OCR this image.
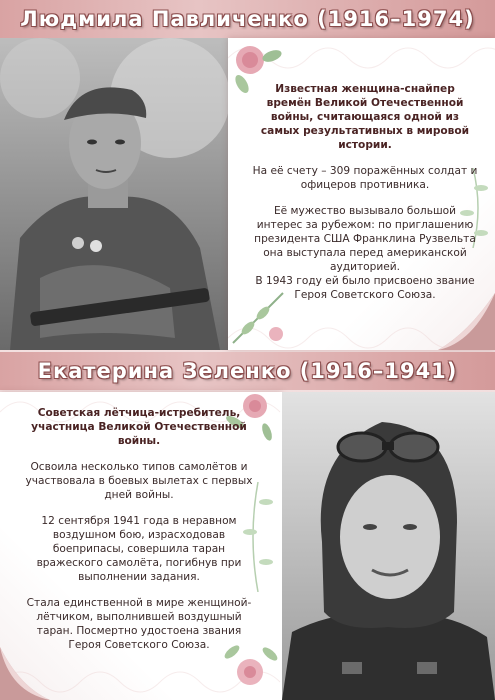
Людмила Павличенко (1916–1974)

Известная женщина-снайпер времён Великой Отечественной войны, считающаяся одной из самых результативных в мировой истории.

На её счету – 309 поражённых солдат и офицеров противника.

Её мужество вызывало большой интерес за рубежом: по приглашению президента США Франклина Рузвельта она выступала перед американской аудиторией.

В 1943 году ей было присвоено звание Героя Советского Союза.

Екатерина Зеленко (1916–1941)

Советская лётчица-истребитель, участница Великой Отечественной войны.

Освоила несколько типов самолётов и участвовала в боевых вылетах с первых дней войны.

12 сентября 1941 года в неравном воздушном бою, израсходовав боеприпасы, совершила таран вражеского самолёта, погибнув при выполнении задания.

Стала единственной в мире женщиной-лётчиком, выполнившей воздушный таран. Посмертно удостоена звания Героя Советского Союза.
